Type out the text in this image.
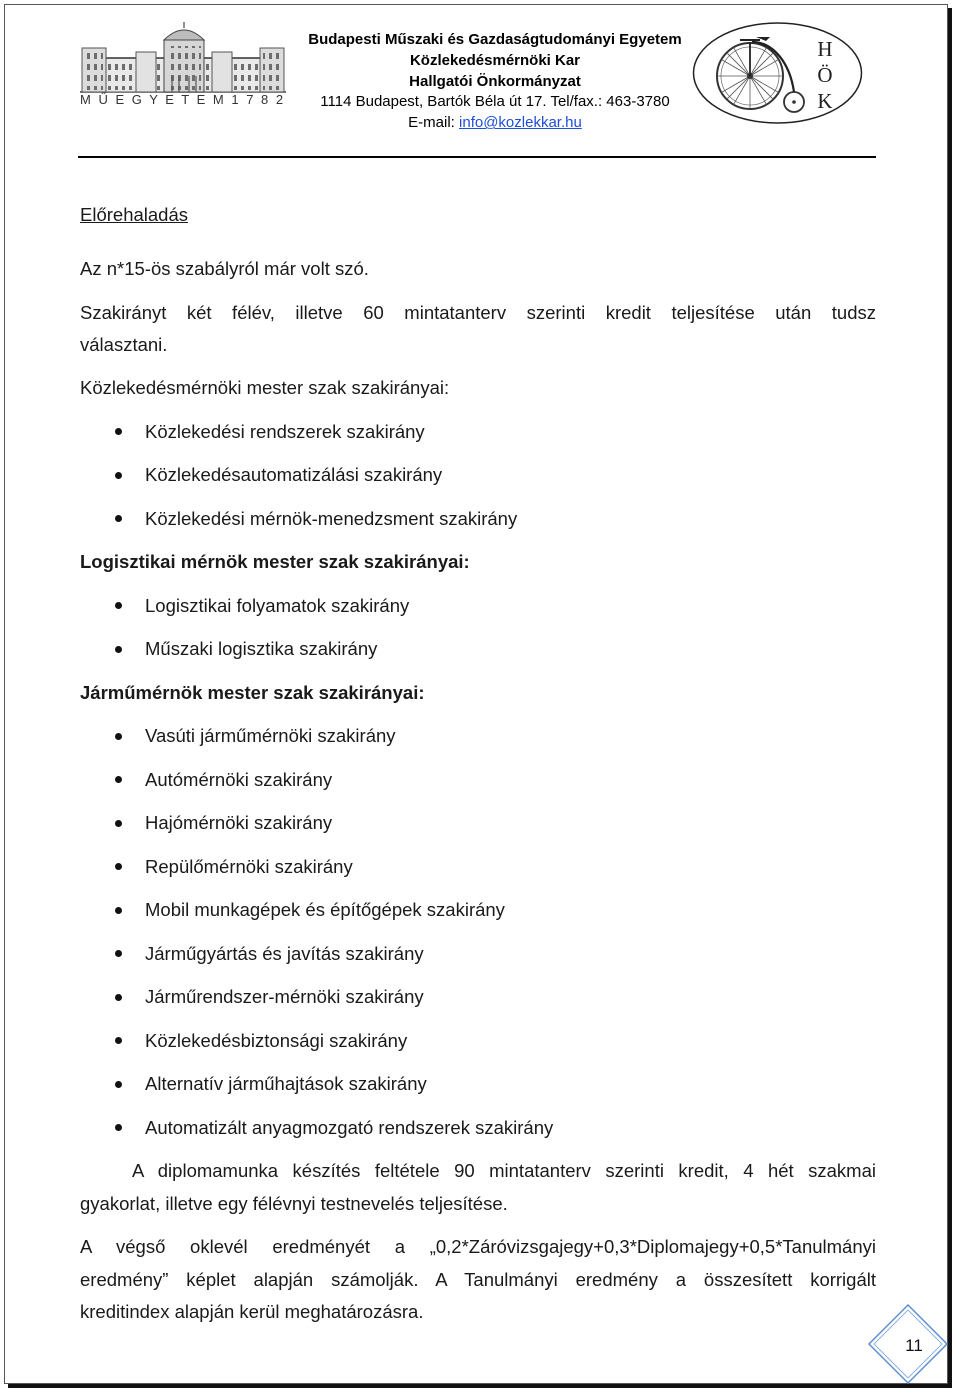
M Ű E G Y E T E M 1 7 8 2
Budapesti Műszaki és Gazdaságtudományi Egyetem
Közlekedésmérnöki Kar
Hallgatói Önkormányzat
1114 Budapest, Bartók Béla út 17. Tel/fax.: 463-3780
E-mail: info@kozlekkar.hu
H
Ö
K
Előrehaladás
Az n*15-ös szabályról már volt szó.
Szakirányt két félév, illetve 60 mintatanterv szerinti kredit teljesítése után tudsz
választani.
Közlekedésmérnöki mester szak szakirányai:
Közlekedési rendszerek szakirány
Közlekedésautomatizálási szakirány
Közlekedési mérnök-menedzsment szakirány
Logisztikai mérnök mester szak szakirányai:
Logisztikai folyamatok szakirány
Műszaki logisztika szakirány
Járműmérnök mester szak szakirányai:
Vasúti járműmérnöki szakirány
Autómérnöki szakirány
Hajómérnöki szakirány
Repülőmérnöki szakirány
Mobil munkagépek és építőgépek szakirány
Járműgyártás és javítás szakirány
Járműrendszer-mérnöki szakirány
Közlekedésbiztonsági szakirány
Alternatív járműhajtások szakirány
Automatizált anyagmozgató rendszerek szakirány
A diplomamunka készítés feltétele 90 mintatanterv szerinti kredit, 4 hét szakmai
gyakorlat, illetve egy félévnyi testnevelés teljesítése.
A végső oklevél eredményét a „0,2*Záróvizsgajegy+0,3*Diplomajegy+0,5*Tanulmányi
eredmény” képlet alapján számolják. A Tanulmányi eredmény a összesített korrigált
kreditindex alapján kerül meghatározásra.
11
